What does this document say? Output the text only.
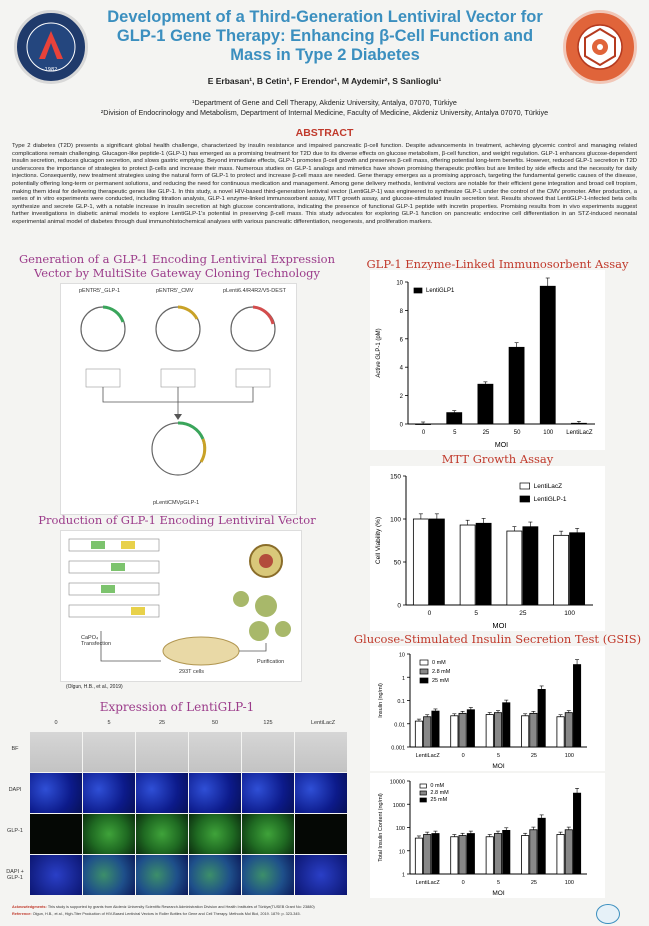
1982
Development of a Third-Generation Lentiviral Vector for GLP-1 Gene Therapy: Enhancing β-Cell Function and Mass in Type 2 Diabetes
E Erbasan¹, B Cetin¹, F Erendor¹, M Aydemir², S Sanlioglu¹
¹Department of Gene and Cell Therapy, Akdeniz University, Antalya, 07070, Türkiye
²Division of Endocrinology and Metabolism, Department of Internal Medicine, Faculty of Medicine, Akdeniz University, Antalya 07070, Türkiye
ABSTRACT
Type 2 diabetes (T2D) presents a significant global health challenge, characterized by insulin resistance and impaired pancreatic β-cell function. Despite advancements in treatment, achieving glycemic control and managing related complications remain challenging. Glucagon-like peptide-1 (GLP-1) has emerged as a promising treatment for T2D due to its diverse effects on glucose metabolism, β-cell function, and weight regulation. GLP-1 enhances glucose-dependent insulin secretion, reduces glucagon secretion, and slows gastric emptying. Beyond immediate effects, GLP-1 promotes β-cell growth and preserves β-cell mass, offering potential long-term benefits. However, reduced GLP-1 secretion in T2D underscores the importance of strategies to protect β-cells and increase their mass. Numerous studies on GLP-1 analogs and mimetics have shown promising therapeutic profiles but are limited by side effects and the necessity for daily injections. Consequently, new treatment strategies using the natural form of GLP-1 to protect and increase β-cell mass are needed. Gene therapy emerges as a promising approach, targeting the fundamental genetic causes of the disease, potentially offering long-term or permanent solutions, and reducing the need for continuous medication and management. Among gene delivery methods, lentiviral vectors are notable for their efficient gene integration and broad cell tropism, making them ideal for delivering therapeutic genes like GLP-1. In this study, a novel HIV-based third-generation lentiviral vector (LentiGLP-1) was engineered to synthesize GLP-1 under the control of the CMV promoter. After production, a series of in vitro experiments were conducted, including titration analysis, GLP-1 enzyme-linked immunosorbent assay, MTT growth assay, and glucose-stimulated insulin secretion test. Results showed that LentiGLP-1-infected beta cells synthesize and secrete GLP-1, with a notable increase in insulin secretion at high glucose concentrations, indicating the presence of functional GLP-1 peptide with incretin properties. Promising results from in vivo experiments suggest further investigations in diabetic animal models to explore LentiGLP-1's potential in preserving β-cell mass. This study advocates for exploring GLP-1 function on pancreatic endocrine cell differentiation in an STZ-induced neonatal experimental animal model of diabetes through dual immunohistochemical analyses with various pancreatic differentiation, neogenesis, and proliferation markers.
Generation of a GLP-1 Encoding Lentiviral Expression Vector by MultiSite Gateway Cloning Technology
pENTR5'_GLP-1	pENTR5'_CMV	pLenti6.4/R4R2/V5-DEST
pLentiCMVpGLP-1
Production of GLP-1 Encoding Lentiviral Vector
CaPO₄ Transfection
293T cells
Purification
(Olgun, H.B., et al., 2019)
Expression of LentiGLP-1
0	5	25	50	125	LentiLacZ
BF
DAPI
GLP-1
DAPI + GLP-1
GLP-1 Enzyme-Linked Immunosorbent Assay
0
2
4
6
8
10
0	5	25	50	100 LentiLacZ
MOI
Active GLP-1 (pM)
LentiGLP1
MTT Growth Assay
0
50
100
150
0	5	25	100
MOI
Cell Viability (%)
LentiLacZ
LentiGLP-1
Glucose-Stimulated Insulin Secretion Test (GSIS)
0.001
0.01
0.1
1
10
LentiLacZ	0	5	25	100
MOI
Insulin (ng/ml)
0 mM
2.8 mM
25 mM
1
10
100
1000
10000
LentiLacZ	0	5	25	100
MOI
Total Insulin Content (ng/ml)
0 mM
2.8 mM
25 mM
Acknowledgments: This study is supported by grants from Akdeniz University Scientific Research Administration Division and Health Institutes of Türkiye(TUSEB Grant No: 23880)
Reference: Olgun, H.B., et al., High-Titer Production of HIV-Based Lentiviral Vectors in Roller Bottles for Gene and Cell Therapy. Methods Mol Biol, 2019. 1879: p. 323-345.
